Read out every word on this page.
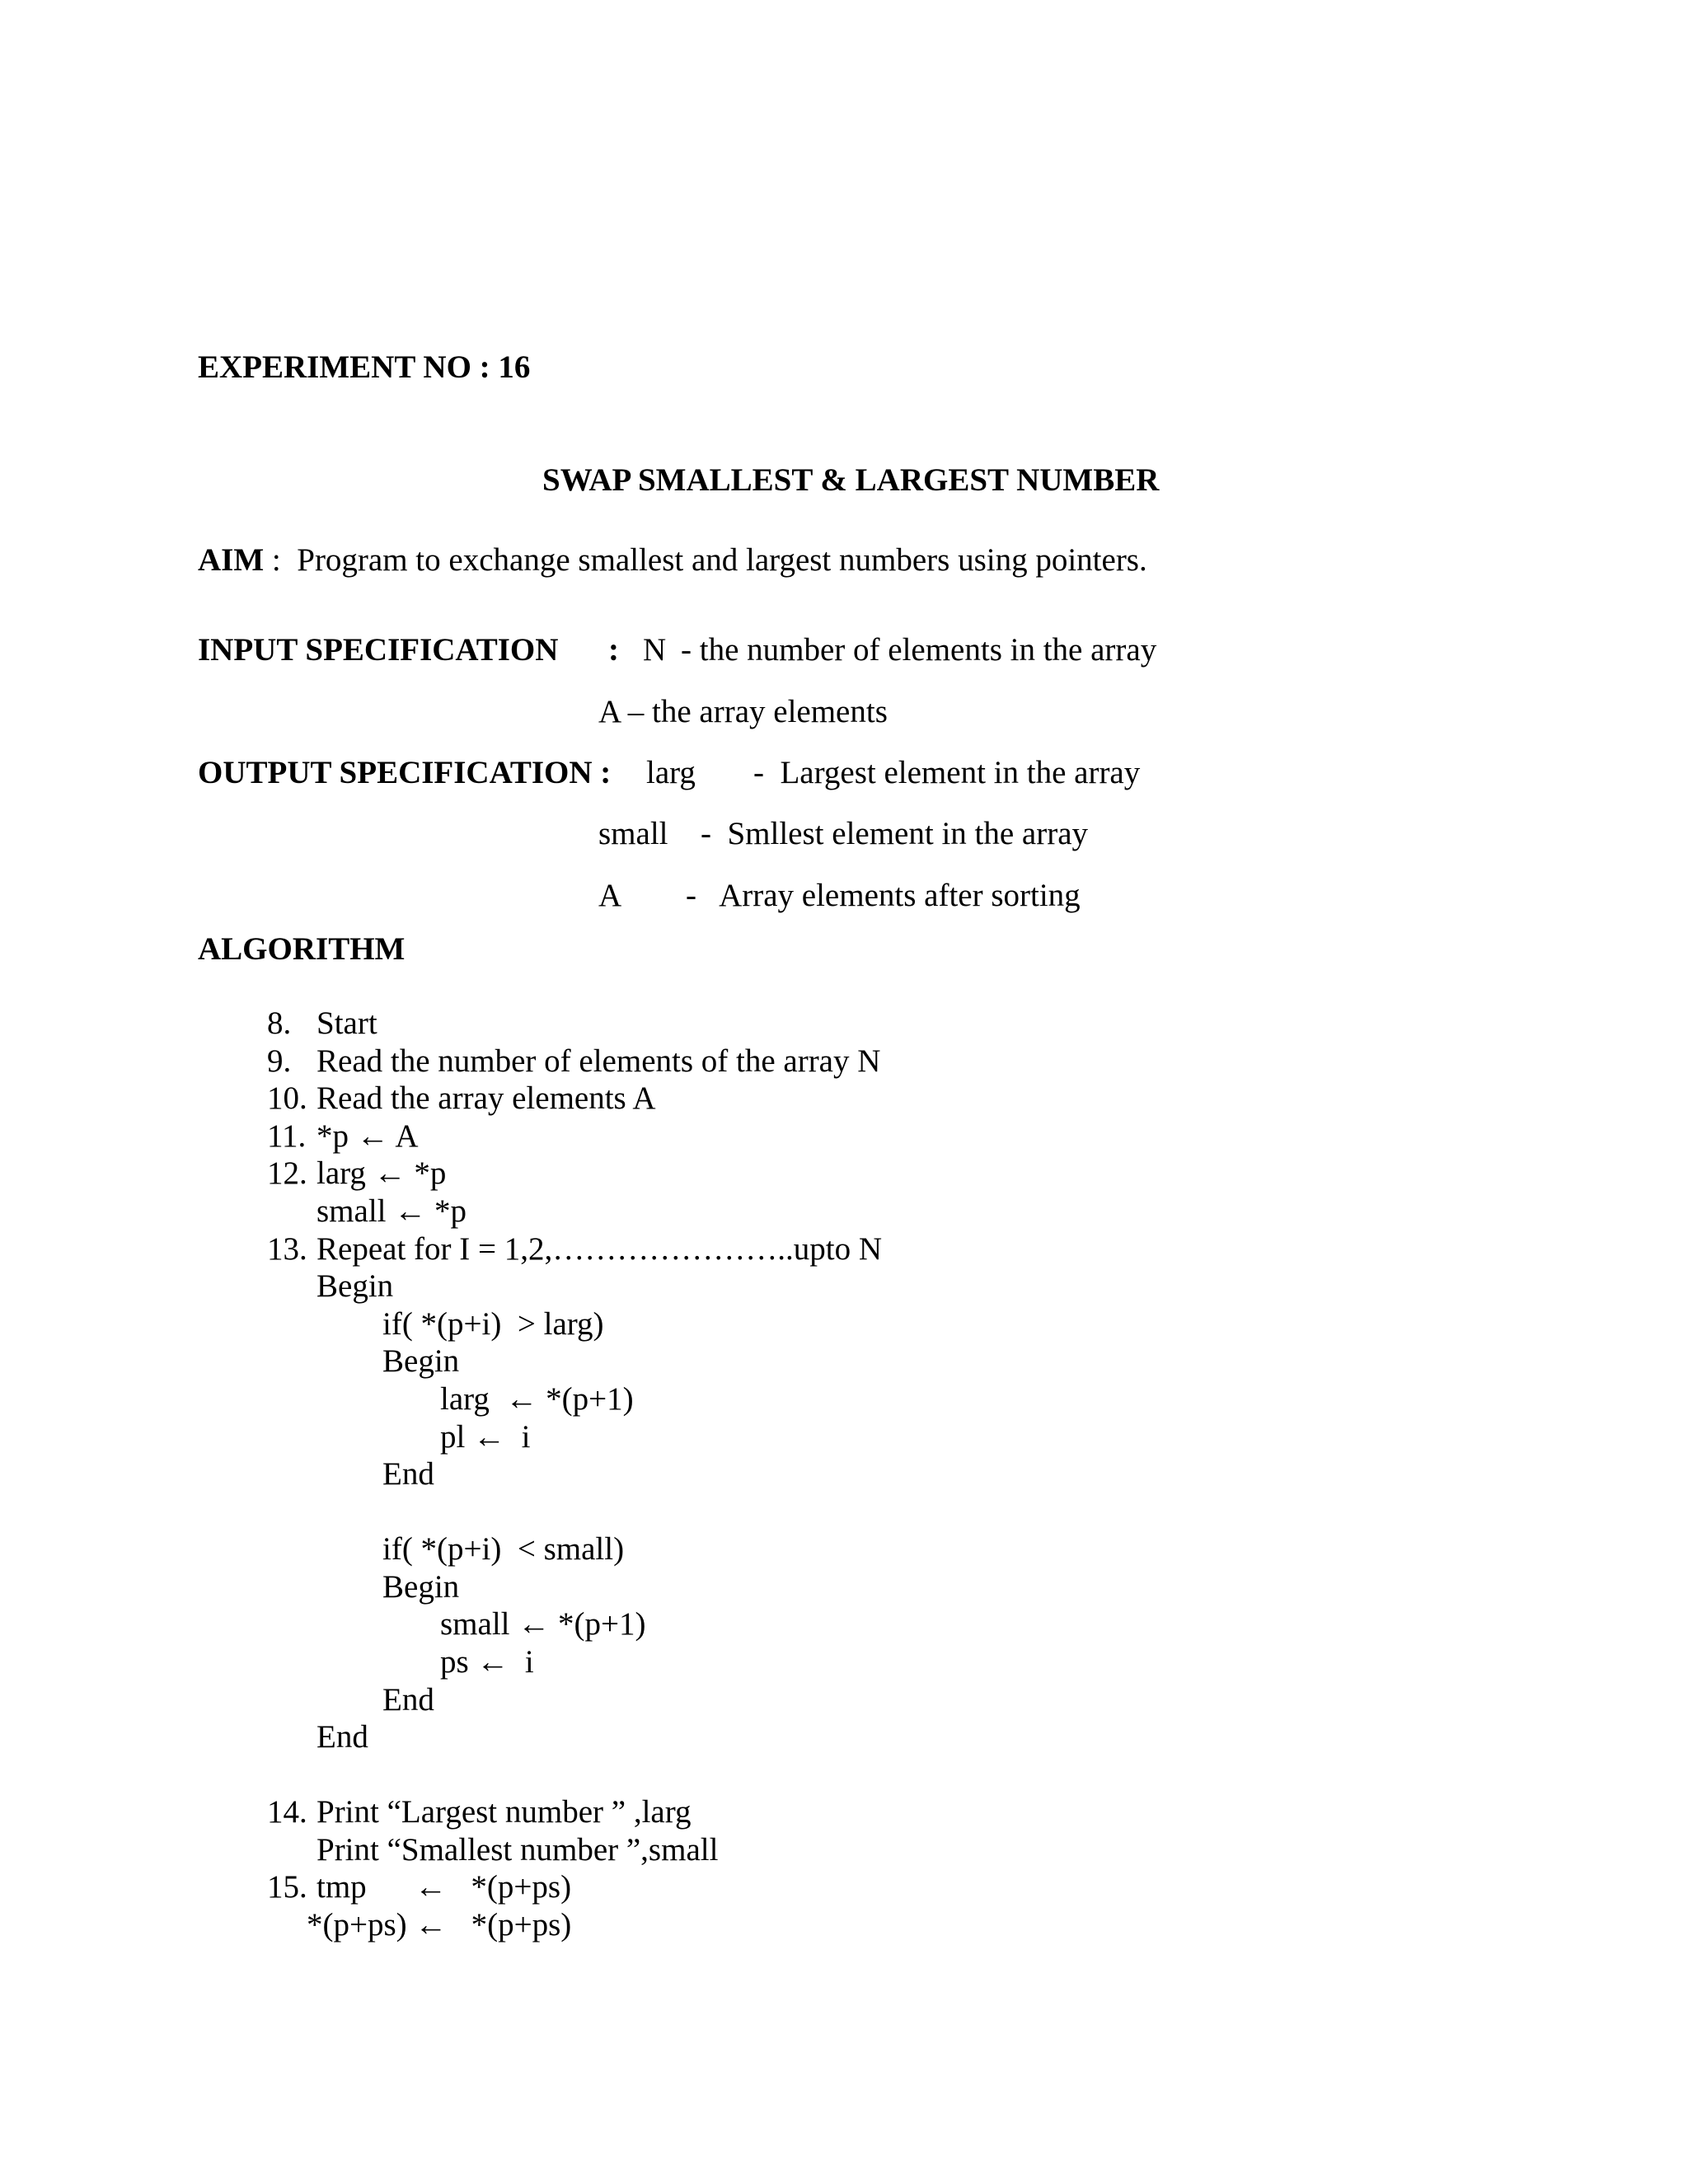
EXPERIMENT NO : 16
SWAP SMALLEST & LARGEST NUMBER
AIM : Program to exchange smallest and largest numbers using pointers.
INPUT SPECIFICATION : N - the number of elements in the array
A – the array elements
OUTPUT SPECIFICATION : larg -  Largest element in the array
small -  Smllest element in the array
A -   Array elements after sorting
ALGORITHM
8. Start
9. Read the number of elements of the array N
10. Read the array elements A
11. *p ← A
12. larg ← *p
small ← *p
13. Repeat for I = 1,2,…………………..upto N
Begin
if( *(p+i)  > larg)
Begin
larg  ← *(p+1)
pl ←  i
End
if( *(p+i)  < small)
Begin
small ← *(p+1)
ps ←  i
End
End
14. Print “Largest number ” ,larg
Print “Smallest number ”,small
15. tmp      ←   *(p+ps)
*(p+ps) ←   *(p+ps)
